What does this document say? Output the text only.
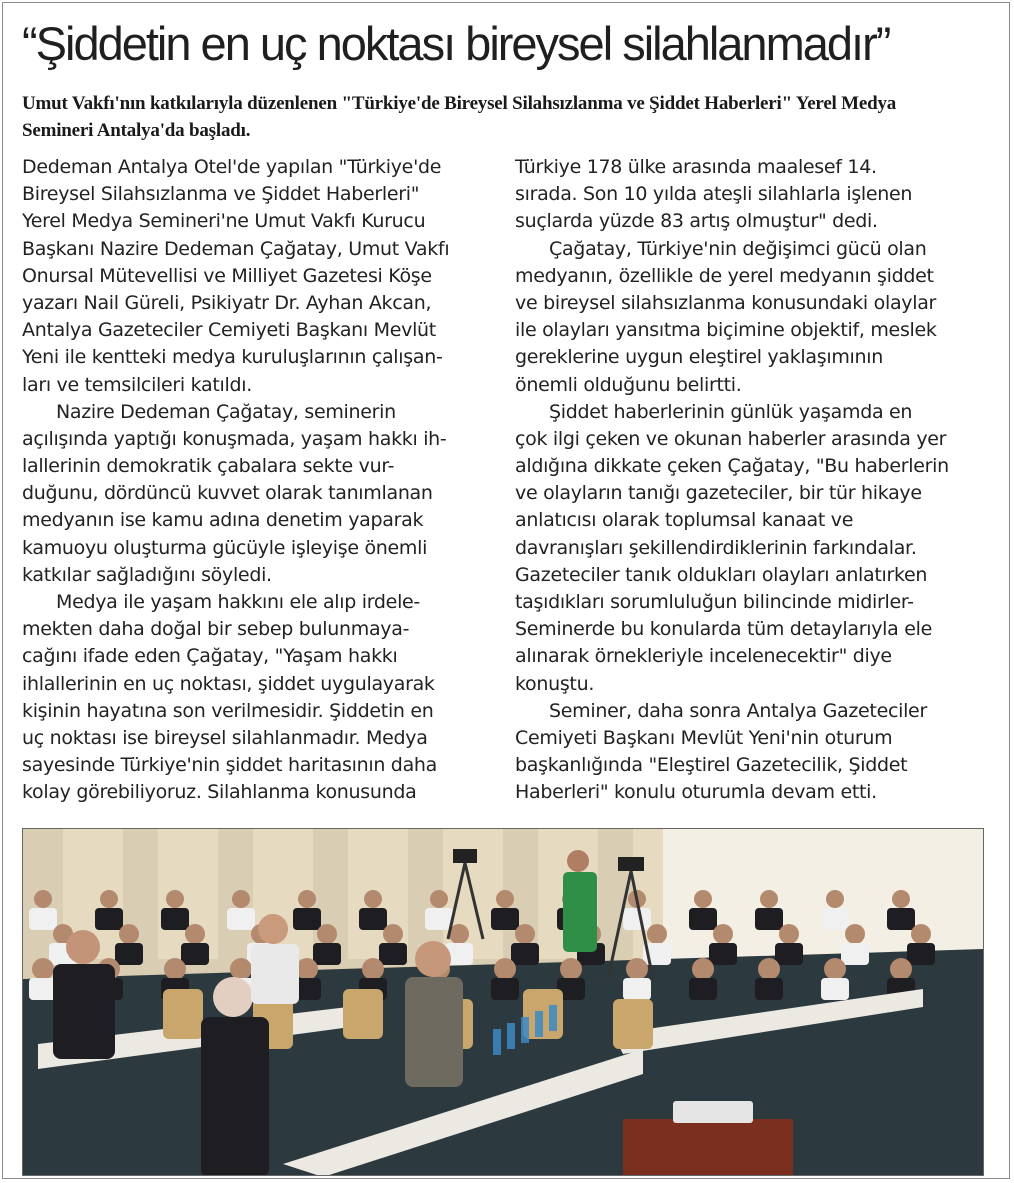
“Şiddetin en uç noktası bireysel silahlanmadır”

Umut Vakfı'nın katkılarıyla düzenlenen "Türkiye'de Bireysel Silahsızlanma ve Şiddet Haberleri" Yerel Medya
Semineri Antalya'da başladı.

Dedeman Antalya Otel'de yapılan "Türkiye'de
Bireysel Silahsızlanma ve Şiddet Haberleri"
Yerel Medya Semineri'ne Umut Vakfı Kurucu
Başkanı Nazire Dedeman Çağatay, Umut Vakfı
Onursal Mütevellisi ve Milliyet Gazetesi Köşe
yazarı Nail Güreli, Psikiyatr Dr. Ayhan Akcan,
Antalya Gazeteciler Cemiyeti Başkanı Mevlüt
Yeni ile kentteki medya kuruluşlarının çalışan-
ları ve temsilcileri katıldı.
Nazire Dedeman Çağatay, seminerin
açılışında yaptığı konuşmada, yaşam hakkı ih-
lallerinin demokratik çabalara sekte vur-
duğunu, dördüncü kuvvet olarak tanımlanan
medyanın ise kamu adına denetim yaparak
kamuoyu oluşturma gücüyle işleyişe önemli
katkılar sağladığını söyledi.
Medya ile yaşam hakkını ele alıp irdele-
mekten daha doğal bir sebep bulunmaya-
cağını ifade eden Çağatay, "Yaşam hakkı
ihlallerinin en uç noktası, şiddet uygulayarak
kişinin hayatına son verilmesidir. Şiddetin en
uç noktası ise bireysel silahlanmadır. Medya
sayesinde Türkiye'nin şiddet haritasının daha
kolay görebiliyoruz. Silahlanma konusunda
Türkiye 178 ülke arasında maalesef 14.
sırada. Son 10 yılda ateşli silahlarla işlenen
suçlarda yüzde 83 artış olmuştur" dedi.
Çağatay, Türkiye'nin değişimci gücü olan
medyanın, özellikle de yerel medyanın şiddet
ve bireysel silahsızlanma konusundaki olaylar
ile olayları yansıtma biçimine objektif, meslek
gereklerine uygun eleştirel yaklaşımının
önemli olduğunu belirtti.
Şiddet haberlerinin günlük yaşamda en
çok ilgi çeken ve okunan haberler arasında yer
aldığına dikkate çeken Çağatay, "Bu haberlerin
ve olayların tanığı gazeteciler, bir tür hikaye
anlatıcısı olarak toplumsal kanaat ve
davranışları şekillendirdiklerinin farkındalar.
Gazeteciler tanık oldukları olayları anlatırken
taşıdıkları sorumluluğun bilincinde midirler-
Seminerde bu konularda tüm detaylarıyla ele
alınarak örnekleriyle incelenecektir" diye
konuştu.
Seminer, daha sonra Antalya Gazeteciler
Cemiyeti Başkanı Mevlüt Yeni'nin oturum
başkanlığında "Eleştirel Gazetecilik, Şiddet
Haberleri" konulu oturumla devam etti.
